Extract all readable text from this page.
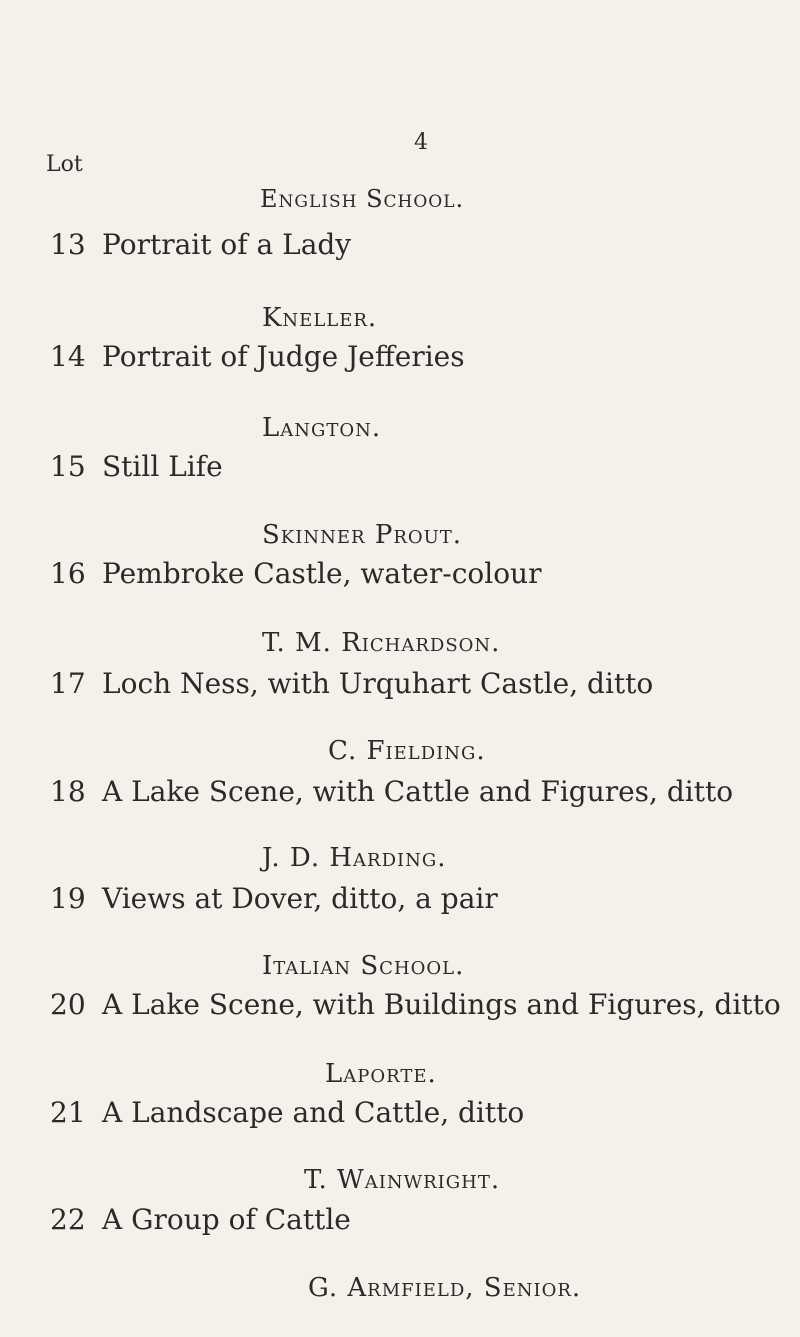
4
Lot
English School.
13 Portrait of a Lady
Kneller.
14 Portrait of Judge Jefferies
Langton.
15 Still Life
Skinner Prout.
16 Pembroke Castle, water-colour
T. M. Richardson.
17 Loch Ness, with Urquhart Castle, ditto
C. Fielding.
18 A Lake Scene, with Cattle and Figures, ditto
J. D. Harding.
19 Views at Dover, ditto, a pair
Italian School.
20 A Lake Scene, with Buildings and Figures, ditto
Laporte.
21 A Landscape and Cattle, ditto
T. Wainwright.
22 A Group of Cattle
G. Armfield, Senior.
